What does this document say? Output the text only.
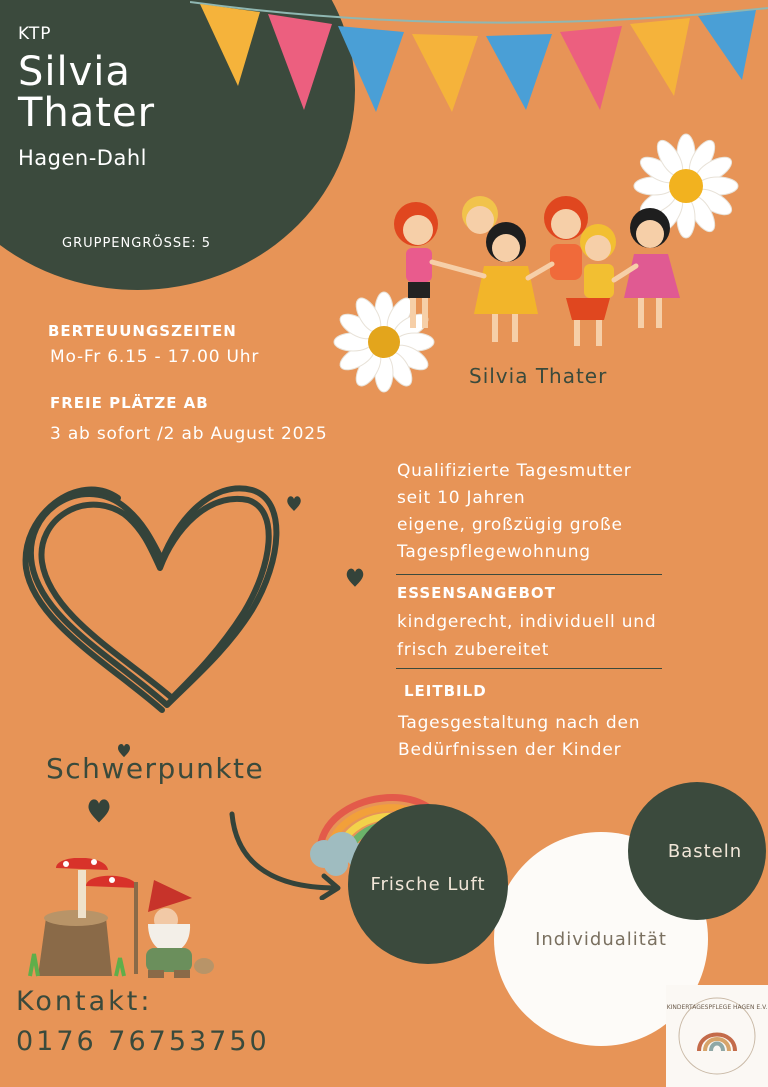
KTP
Silvia
Thater
Hagen-Dahl
GRUPPENGRÖSSE: 5
Silvia Thater
BERTEUUNGSZEITEN
Mo-Fr 6.15 - 17.00 Uhr
FREIE PLÄTZE AB
3 ab sofort /2 ab August 2025
Qualifizierte Tagesmutter
seit 10 Jahren
eigene, großzügig große
Tagespflegewohnung
ESSENSANGEBOT
kindgerecht, individuell und
frisch zubereitet
LEITBILD
Tagesgestaltung nach den
Bedürfnissen der Kinder
Schwerpunkte
Individualität
Frische Luft
Basteln
Kontakt:
0176 76753750
KINDERTAGESPFLEGE HAGEN E.V.
